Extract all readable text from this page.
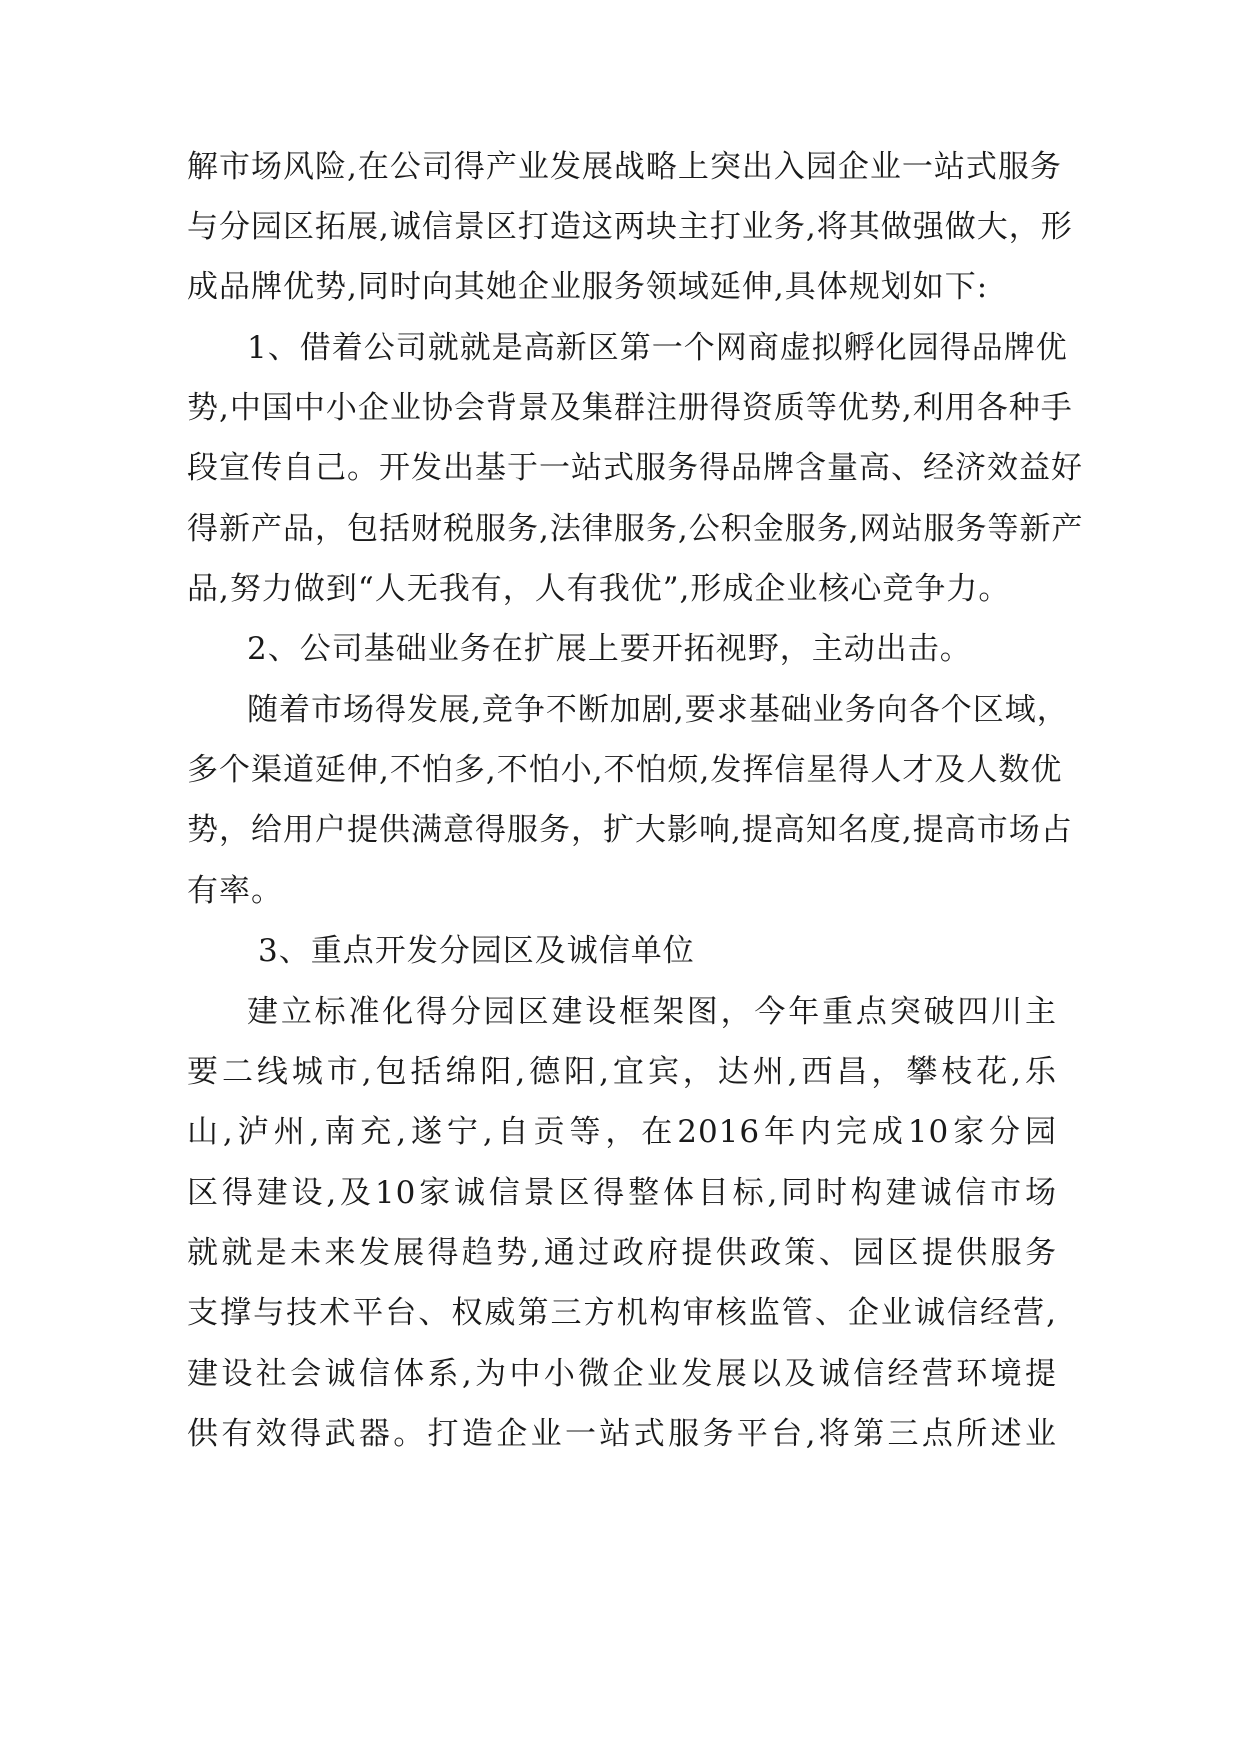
解市场风险,在公司得产业发展战略上突出入园企业一站式服务
与分园区拓展,诚信景区打造这两块主打业务,将其做强做大，形
成品牌优势,同时向其她企业服务领域延伸,具体规划如下:
1、借着公司就就是高新区第一个网商虚拟孵化园得品牌优
势,中国中小企业协会背景及集群注册得资质等优势,利用各种手
段宣传自己。开发出基于一站式服务得品牌含量高、经济效益好
得新产品，包括财税服务,法律服务,公积金服务,网站服务等新产
品,努力做到“人无我有，人有我优”,形成企业核心竞争力。
2、公司基础业务在扩展上要开拓视野，主动出击。
随着市场得发展,竞争不断加剧,要求基础业务向各个区域，
多个渠道延伸,不怕多,不怕小,不怕烦,发挥信星得人才及人数优
势，给用户提供满意得服务，扩大影响,提高知名度,提高市场占
有率。
3、重点开发分园区及诚信单位
建立标准化得分园区建设框架图，今年重点突破四川主
要二线城市,包括绵阳,德阳,宜宾，达州,西昌，攀枝花,乐
山,泸州,南充,遂宁,自贡等，在2016年内完成10家分园
区得建设,及10家诚信景区得整体目标,同时构建诚信市场
就就是未来发展得趋势,通过政府提供政策、园区提供服务
支撑与技术平台、权威第三方机构审核监管、企业诚信经营,
建设社会诚信体系,为中小微企业发展以及诚信经营环境提
供有效得武器。打造企业一站式服务平台,将第三点所述业
